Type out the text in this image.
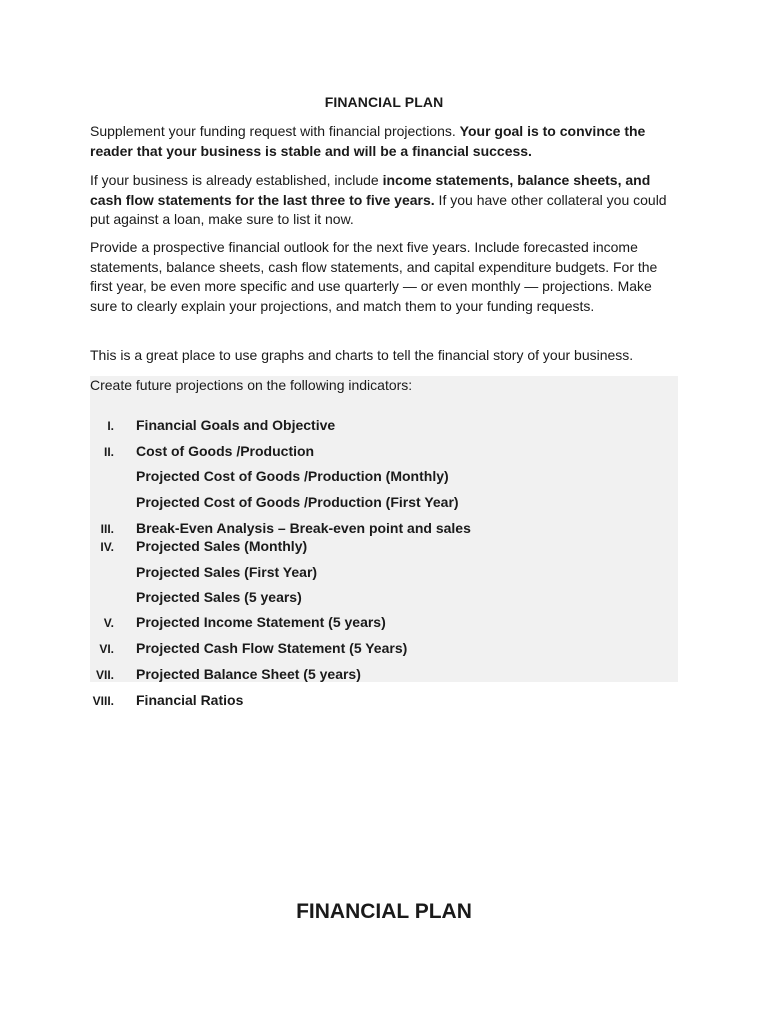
FINANCIAL PLAN
Supplement your funding request with financial projections. Your goal is to convince the reader that your business is stable and will be a financial success.
If your business is already established, include income statements, balance sheets, and cash flow statements for the last three to five years. If you have other collateral you could put against a loan, make sure to list it now.
Provide a prospective financial outlook for the next five years. Include forecasted income statements, balance sheets, cash flow statements, and capital expenditure budgets. For the first year, be even more specific and use quarterly — or even monthly — projections. Make sure to clearly explain your projections, and match them to your funding requests.
This is a great place to use graphs and charts to tell the financial story of your business.
Create future projections on the following indicators:
I. Financial Goals and Objective
II. Cost of Goods /Production
Projected Cost of Goods /Production (Monthly)
Projected Cost of Goods /Production (First Year)
III. Break-Even Analysis – Break-even point and sales
IV. Projected Sales (Monthly)
Projected Sales (First Year)
Projected Sales (5 years)
V. Projected Income Statement (5 years)
VI. Projected Cash Flow Statement (5 Years)
VII. Projected Balance Sheet (5 years)
VIII. Financial Ratios
FINANCIAL PLAN
